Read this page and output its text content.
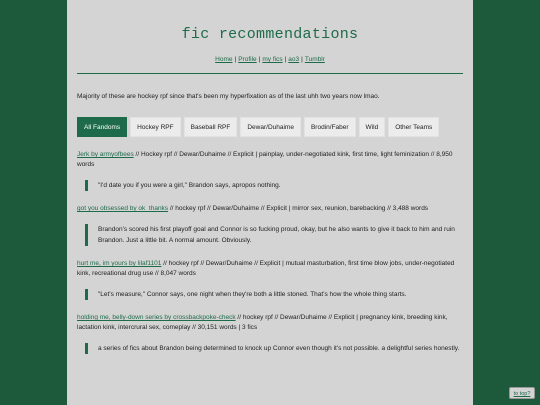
fic recommendations
Home | Profile | my fics | ao3 | Tumblr

Majority of these are hockey rpf since that's been my hyperfixation as of the last uhh two years now lmao.

All Fandoms	Hockey RPF	Baseball RPF	Dewar/Duhaime	Brodin/Faber	Wild	Other Teams
Jerk by armyofbees // Hockey rpf // Dewar/Duhaime // Explicit | painplay, under-negotiated kink, first time, light feminization // 8,950 words
"I'd date you if you were a girl," Brandon says, apropos nothing.
got you obsessed by ok_thanks // hockey rpf // Dewar/Duhaime // Explicit | mirror sex, reunion, barebacking // 3,488 words
Brandon's scored his first playoff goal and Connor is so fucking proud, okay, but he also wants to give it back to him and ruin Brandon. Just a little bit. A normal amount. Obviously.
hurt me, im yours by lilaf1101 // hockey rpf // Dewar/Duhaime // Explicit | mutual masturbation, first time blow jobs, under-negotiated kink, recreational drug use // 8,047 words
"Let's measure," Connor says, one night when they're both a little stoned. That's how the whole thing starts.
holding me, belly-down series by crossbackpoke-check // hockey rpf // Dewar/Duhaime // Explicit | pregnancy kink, breeding kink, lactation kink, intercrural sex, comeplay // 30,151 words | 3 fics
a series of fics about Brandon being determined to knock up Connor even though it's not possible. a delightful series honestly.
to top?
